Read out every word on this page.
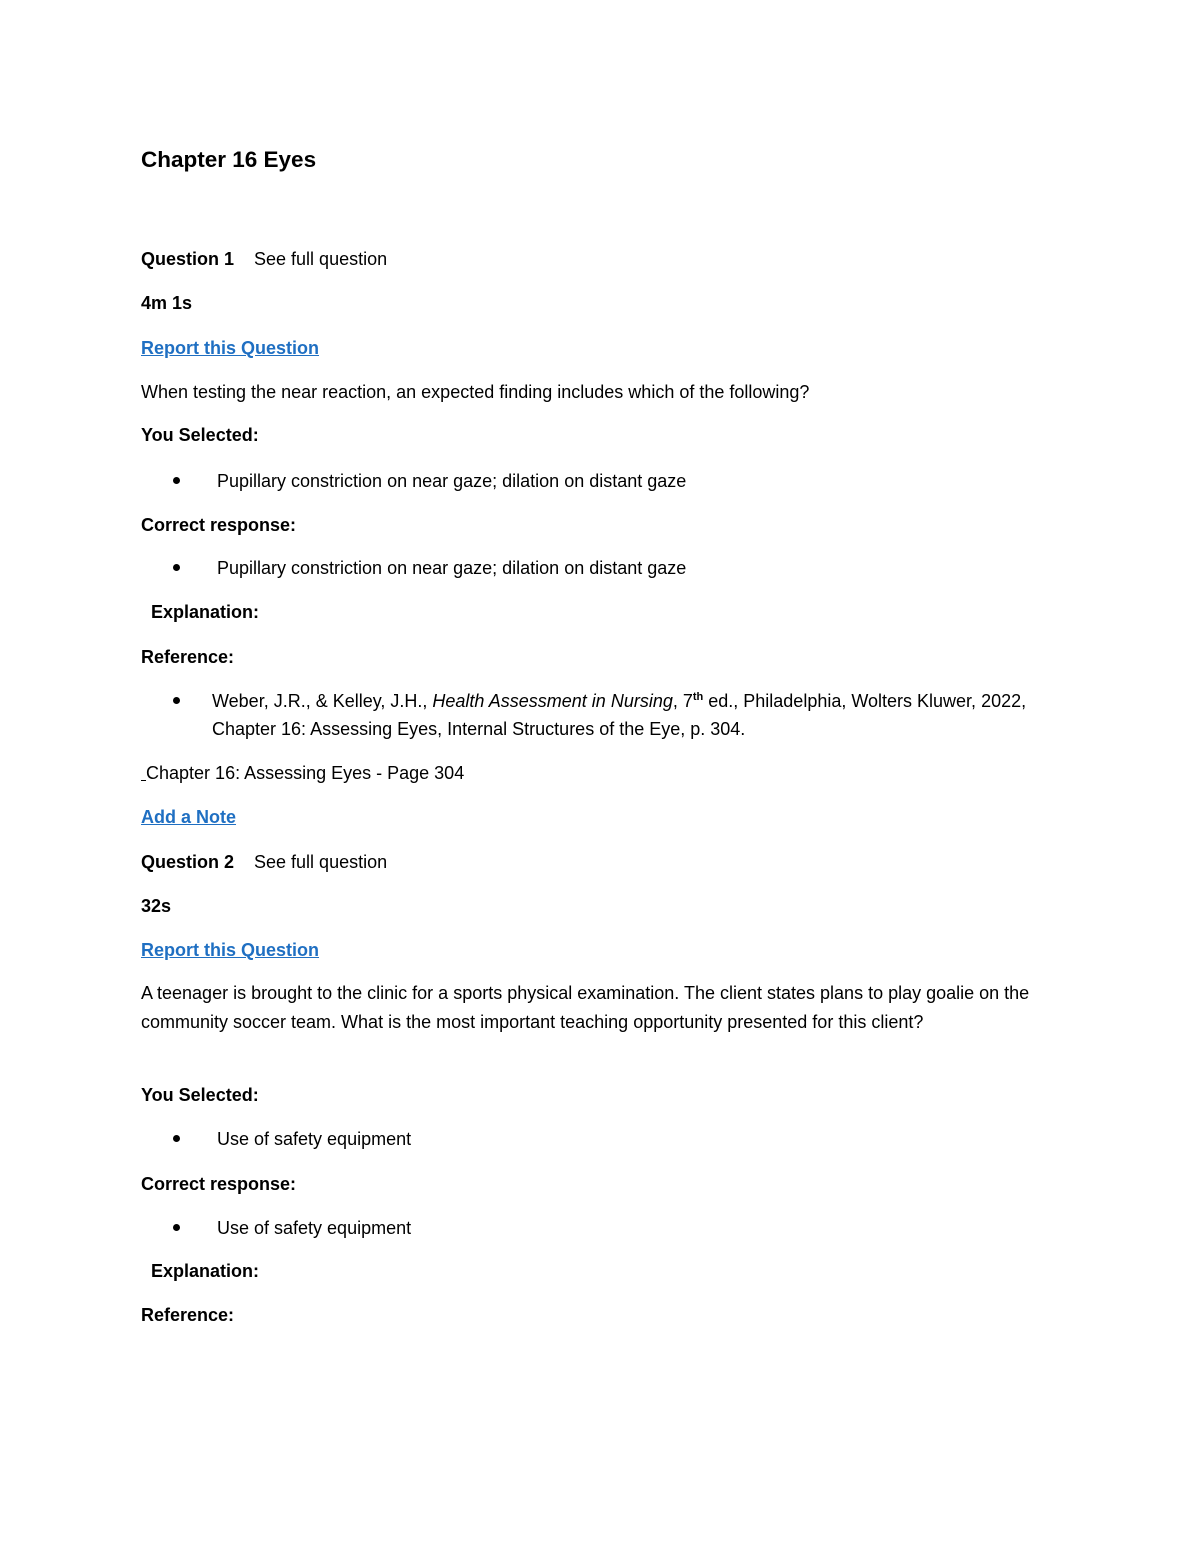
Chapter 16 Eyes
Question 1 See full question
4m 1s
Report this Question
When testing the near reaction, an expected finding includes which of the following?
You Selected:
Pupillary constriction on near gaze; dilation on distant gaze
Correct response:
Pupillary constriction on near gaze; dilation on distant gaze
Explanation:
Reference:
Weber, J.R., & Kelley, J.H., Health Assessment in Nursing, 7th ed., Philadelphia, Wolters Kluwer, 2022, Chapter 16: Assessing Eyes, Internal Structures of the Eye, p. 304.
Chapter 16: Assessing Eyes - Page 304
Add a Note
Question 2 See full question
32s
Report this Question
A teenager is brought to the clinic for a sports physical examination. The client states plans to play goalie on the community soccer team. What is the most important teaching opportunity presented for this client?
You Selected:
Use of safety equipment
Correct response:
Use of safety equipment
Explanation:
Reference:
